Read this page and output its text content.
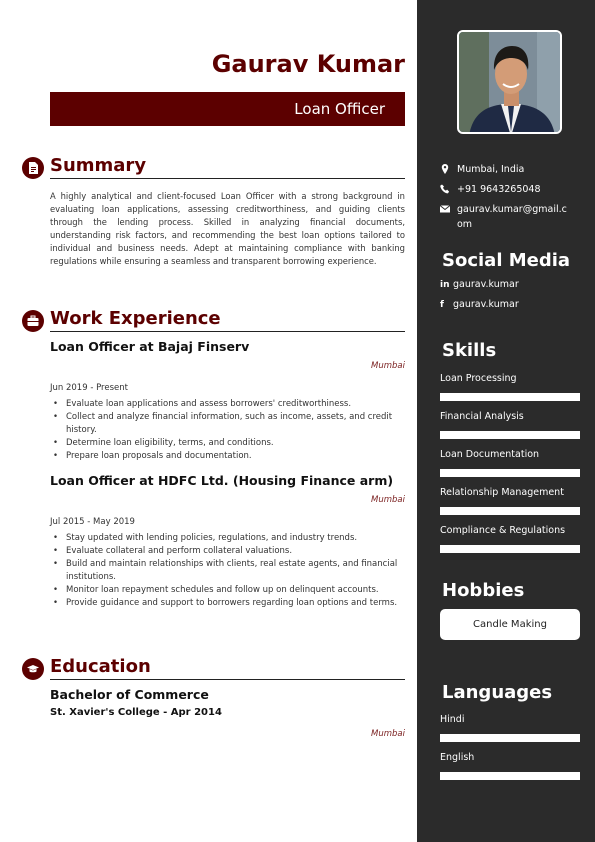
Gaurav Kumar
Loan Officer
Summary

A highly analytical and client-focused Loan Officer with a strong background in evaluating loan applications, assessing creditworthiness, and guiding clients through the lending process. Skilled in analyzing financial documents, understanding risk factors, and recommending the best loan options tailored to individual and business needs. Adept at maintaining compliance with banking regulations while ensuring a seamless and transparent borrowing experience.

Work Experience
Loan Officer at Bajaj Finserv
Mumbai
Jun 2019 - Present
• Evaluate loan applications and assess borrowers' creditworthiness.
• Collect and analyze financial information, such as income, assets, and credit history.
• Determine loan eligibility, terms, and conditions.
• Prepare loan proposals and documentation.
Loan Officer at HDFC Ltd. (Housing Finance arm)
Mumbai
Jul 2015 - May 2019
• Stay updated with lending policies, regulations, and industry trends.
• Evaluate collateral and perform collateral valuations.
• Build and maintain relationships with clients, real estate agents, and financial institutions.
• Monitor loan repayment schedules and follow up on delinquent accounts.
• Provide guidance and support to borrowers regarding loan options and terms.
Education
Bachelor of Commerce
St. Xavier's College - Apr 2014
Mumbai
Mumbai, India
+91 9643265048
gaurav.kumar@gmail.c om
Social Media
in gaurav.kumar
f gaurav.kumar
Skills
Loan Processing
Financial Analysis
Loan Documentation
Relationship Management
Compliance & Regulations
Hobbies
Candle Making
Languages
Hindi
English
